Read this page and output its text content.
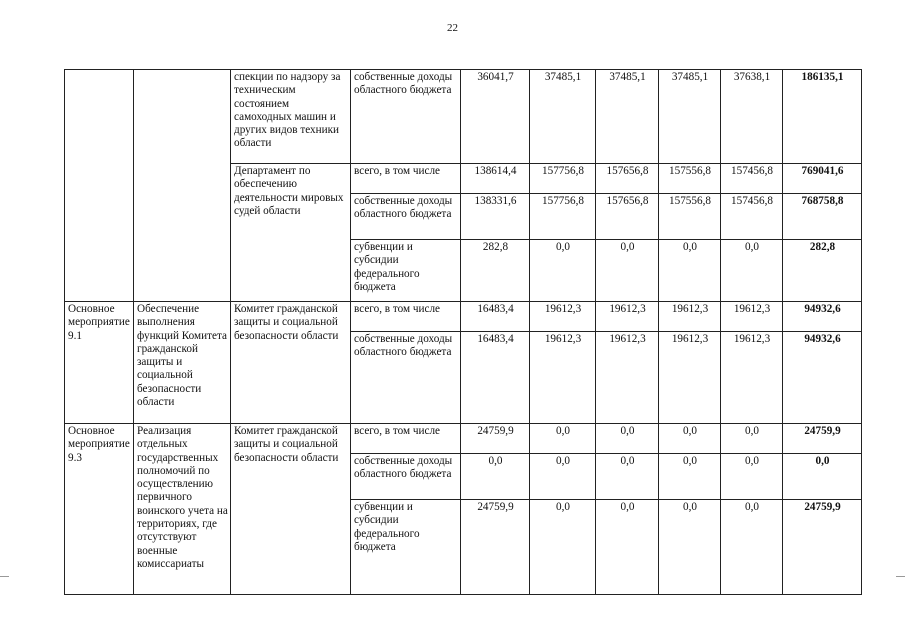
22
		спекции по надзору за техническим состоянием самоходных машин и других видов техники области	собственные доходы областного бюджета	36041,7	37485,1	37485,1	37485,1	37638,1	186135,1
		Департамент по обеспечению деятельности мировых судей области	всего, в том числе	138614,4	157756,8	157656,8	157556,8	157456,8	769041,6
			собственные доходы областного бюджета	138331,6	157756,8	157656,8	157556,8	157456,8	768758,8
			субвенции и субсидии федерального бюджета	282,8	0,0	0,0	0,0	0,0	282,8
Основное мероприятие 9.1	Обеспечение выполнения функций Комитета гражданской защиты и социальной безопасности области	Комитет гражданской защиты и социальной безопасности области	всего, в том числе	16483,4	19612,3	19612,3	19612,3	19612,3	94932,6
			собственные доходы областного бюджета	16483,4	19612,3	19612,3	19612,3	19612,3	94932,6
Основное мероприятие 9.3	Реализация отдельных государственных полномочий по осуществлению первичного воинского учета на территориях, где отсутствуют военные комиссариаты	Комитет гражданской защиты и социальной безопасности области	всего, в том числе	24759,9	0,0	0,0	0,0	0,0	24759,9
			собственные доходы областного бюджета	0,0	0,0	0,0	0,0	0,0	0,0
			субвенции и субсидии федерального бюджета	24759,9	0,0	0,0	0,0	0,0	24759,9
